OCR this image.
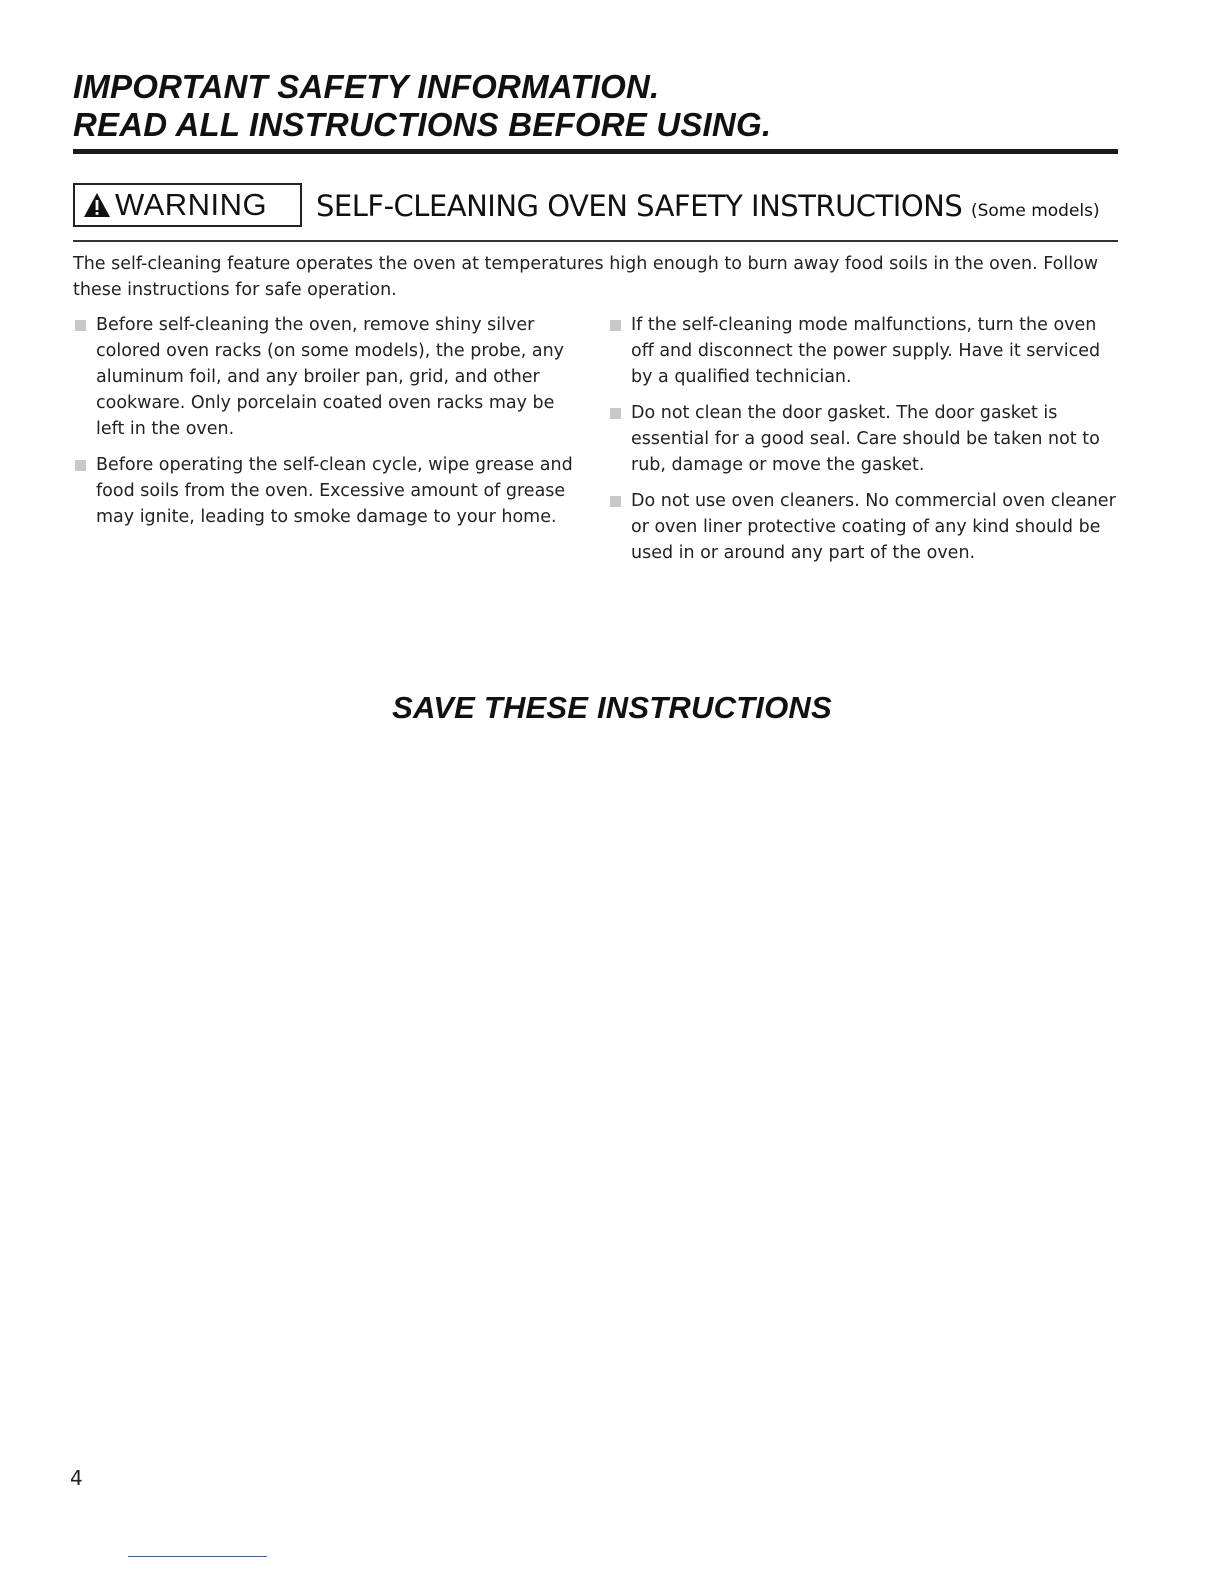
IMPORTANT SAFETY INFORMATION.
READ ALL INSTRUCTIONS BEFORE USING.
WARNING SELF-CLEANING OVEN SAFETY INSTRUCTIONS (Some models)
The self-cleaning feature operates the oven at temperatures high enough to burn away food soils in the oven. Follow these instructions for safe operation.
Before self-cleaning the oven, remove shiny silver colored oven racks (on some models), the probe, any aluminum foil, and any broiler pan, grid, and other cookware. Only porcelain coated oven racks may be left in the oven.
Before operating the self-clean cycle, wipe grease and food soils from the oven. Excessive amount of grease may ignite, leading to smoke damage to your home.
If the self-cleaning mode malfunctions, turn the oven off and disconnect the power supply. Have it serviced by a qualified technician.
Do not clean the door gasket. The door gasket is essential for a good seal. Care should be taken not to rub, damage or move the gasket.
Do not use oven cleaners. No commercial oven cleaner or oven liner protective coating of any kind should be used in or around any part of the oven.
SAVE THESE INSTRUCTIONS
4
